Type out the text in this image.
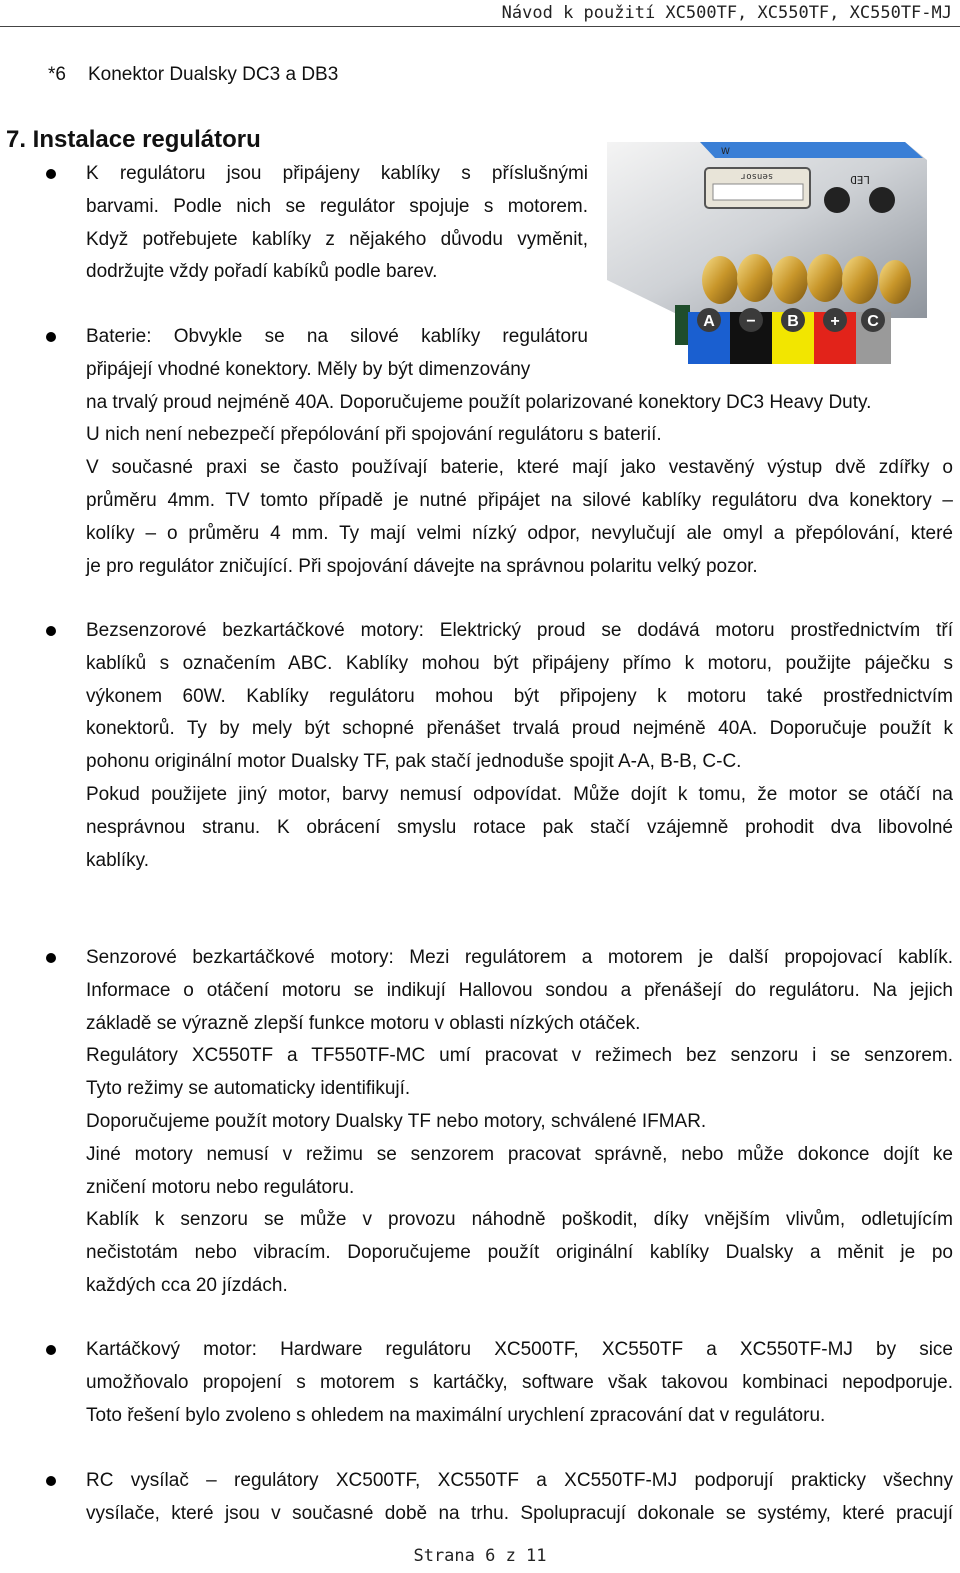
Návod k použití XC500TF, XC550TF, XC550TF-MJ
*6 Konektor Dualsky DC3 a DB3
7. Instalace regulátoru
sensor	LED
W
A − B + C
K regulátoru jsou připájeny kablíky s příslušnými
barvami. Podle nich se regulátor spojuje s motorem.
Když potřebujete kablíky z nějakého důvodu vyměnit,
dodržujte vždy pořadí kabíků podle barev.
Baterie: Obvykle se na silové kablíky regulátoru
připájejí vhodné konektory. Měly by být dimenzovány
na trvalý proud nejméně 40A. Doporučujeme použít polarizované konektory DC3 Heavy Duty.
U nich není nebezpečí přepólování při spojování regulátoru s baterií.
V současné praxi se často používají baterie, které mají jako vestavěný výstup dvě zdířky o
průměru 4mm. TV tomto případě je nutné připájet na silové kablíky regulátoru dva konektory –
kolíky – o průměru 4 mm. Ty mají velmi nízký odpor, nevylučují ale omyl a přepólování, které
je pro regulátor zničující. Při spojování dávejte na správnou polaritu velký pozor.
Bezsenzorové bezkartáčkové motory: Elektrický proud se dodává motoru prostřednictvím tří
kablíků s označením ABC. Kablíky mohou být připájeny přímo k motoru, použijte páječku s
výkonem 60W. Kablíky regulátoru mohou být připojeny k motoru také prostřednictvím
konektorů. Ty by mely být schopné přenášet trvalá proud nejméně 40A. Doporučuje použít k
pohonu originální motor Dualsky TF, pak stačí jednoduše spojit A-A, B-B, C-C.
Pokud použijete jiný motor, barvy nemusí odpovídat. Může dojít k tomu, že motor se otáčí na
nesprávnou stranu. K obrácení smyslu rotace pak stačí vzájemně prohodit dva libovolné
kablíky.
Senzorové bezkartáčkové motory: Mezi regulátorem a motorem je další propojovací kablík.
Informace o otáčení motoru se indikují Hallovou sondou a přenášejí do regulátoru. Na jejich
základě se výrazně zlepší funkce motoru v oblasti nízkých otáček.
Regulátory XC550TF a TF550TF-MC umí pracovat v režimech bez senzoru i se senzorem.
Tyto režimy se automaticky identifikují.
Doporučujeme použít motory Dualsky TF nebo motory, schválené IFMAR.
Jiné motory nemusí v režimu se senzorem pracovat správně, nebo může dokonce dojít ke
zničení motoru nebo regulátoru.
Kablík k senzoru se může v provozu náhodně poškodit, díky vnějším vlivům, odletujícím
nečistotám nebo vibracím. Doporučujeme použít originální kablíky Dualsky a měnit je po
každých cca 20 jízdách.
Kartáčkový motor: Hardware regulátoru XC500TF, XC550TF a XC550TF-MJ by sice
umožňovalo propojení s motorem s kartáčky, software však takovou kombinaci nepodporuje.
Toto řešení bylo zvoleno s ohledem na maximální urychlení zpracování dat v regulátoru.
RC vysílač – regulátory XC500TF, XC550TF a XC550TF-MJ podporují prakticky všechny
vysílače, které jsou v současné době na trhu. Spolupracují dokonale se systémy, které pracují
Strana 6 z 11
